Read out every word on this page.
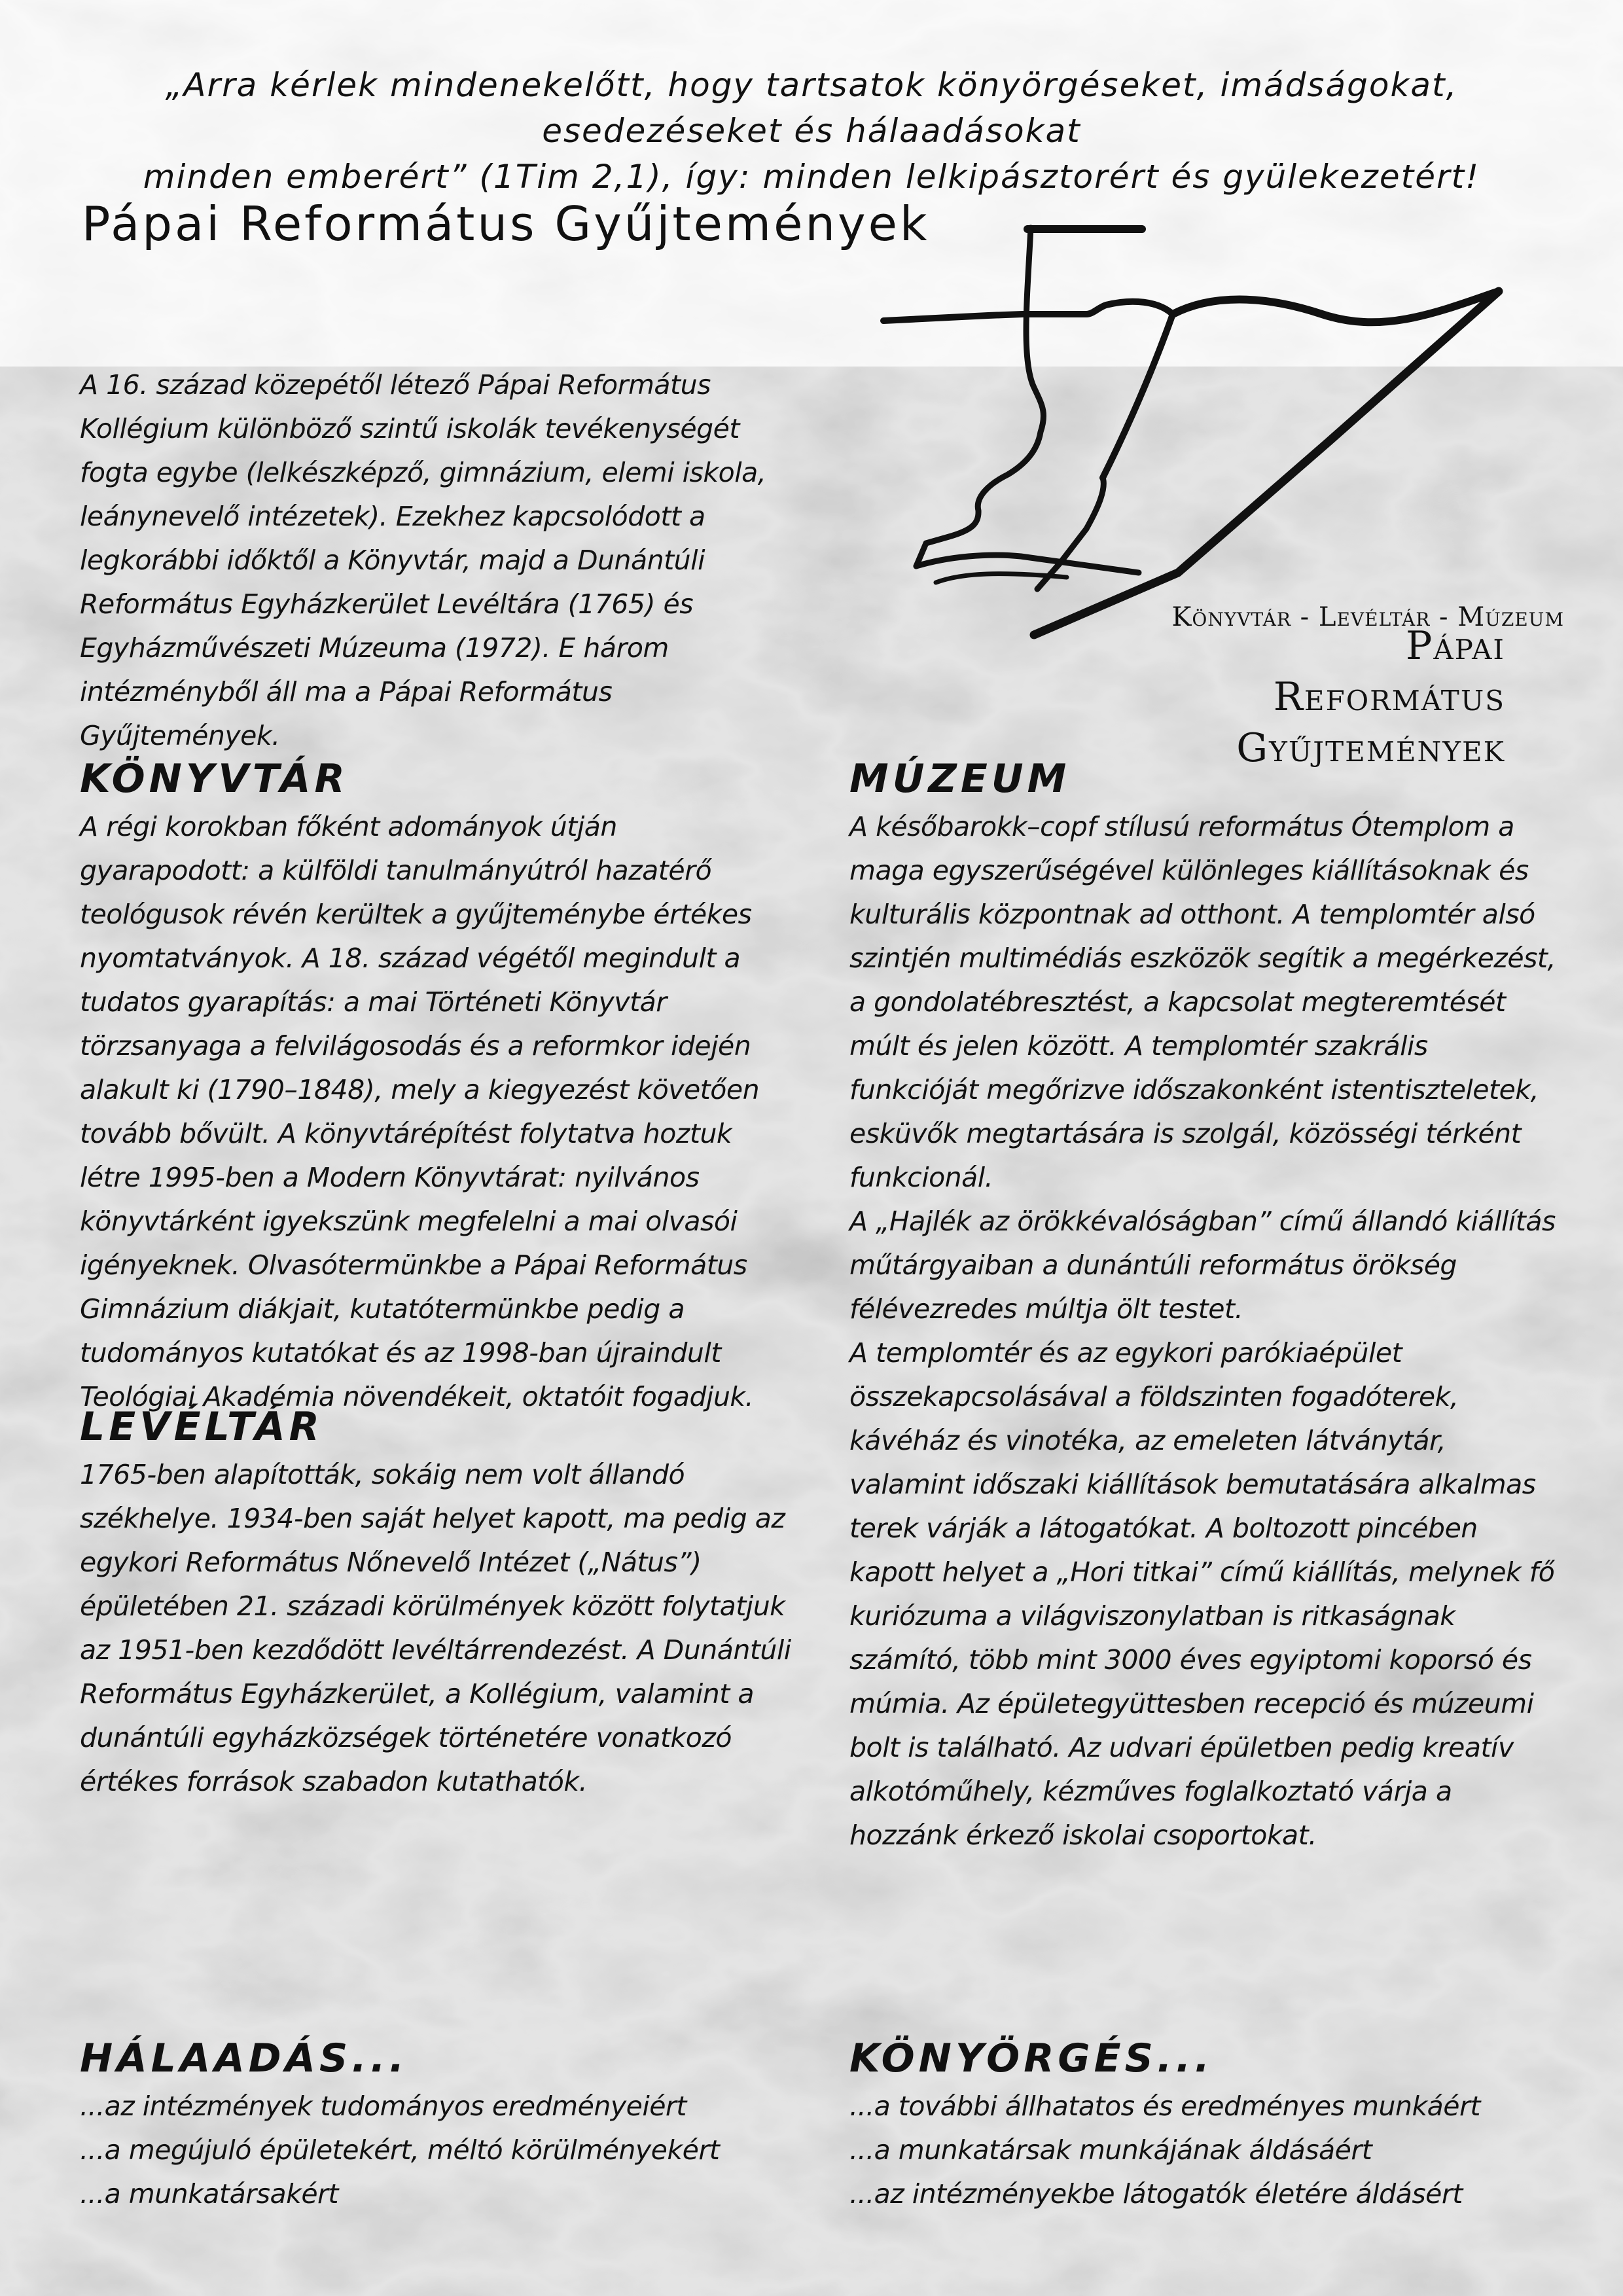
„Arra kérlek mindenekelőtt, hogy tartsatok könyörgéseket, imádságokat, esedezéseket és hálaadásokat
minden emberért” (1Tim 2,1), így: minden lelkipásztorért és gyülekezetért!
Pápai Református Gyűjtemények
Pápai
Református
Gyűjtemények
Könyvtár - Levéltár - Múzeum
A 16. század közepétől létező Pápai Református Kollégium különböző szintű iskolák tevékenységét fogta egybe (lelkészképző, gimnázium, elemi iskola, leánynevelő intézetek). Ezekhez kapcsolódott a legkorábbi időktől a Könyvtár, majd a Dunántúli Református Egyházkerület Levéltára (1765) és Egyházművészeti Múzeuma (1972). E három intézményből áll ma a Pápai Református Gyűjtemények.
KÖNYVTÁR

A régi korokban főként adományok útján gyarapodott: a külföldi tanulmányútról hazatérő teológusok révén kerültek a gyűjteménybe értékes nyomtatványok. A 18. század végétől megindult a tudatos gyarapítás: a mai Történeti Könyvtár törzsanyaga a felvilágosodás és a reformkor idején alakult ki (1790–1848), mely a kiegyezést követően tovább bővült. A könyvtárépítést folytatva hoztuk létre 1995-ben a Modern Könyvtárat: nyilvános könyvtárként igyekszünk megfelelni a mai olvasói igényeknek. Olvasótermünkbe a Pápai Református Gimnázium diákjait, kutatótermünkbe pedig a tudományos kutatókat és az 1998-ban újraindult Teológiai Akadémia növendékeit, oktatóit fogadjuk.

LEVÉLTÁR

1765-ben alapították, sokáig nem volt állandó székhelye. 1934-ben saját helyet kapott, ma pedig az egykori Református Nőnevelő Intézet („Nátus”) épületében 21. századi körülmények között folytatjuk az 1951-ben kezdődött levéltárrendezést. A Dunántúli Református Egyházkerület, a Kollégium, valamint a dunántúli egyházközségek történetére vonatkozó értékes források szabadon kutathatók.

MÚZEUM

A későbarokk–copf stílusú református Ótemplom a maga egyszerűségével különleges kiállításoknak és kulturális központnak ad otthont. A templomtér alsó szintjén multimédiás eszközök segítik a megérkezést, a gondolatébresztést, a kapcsolat megteremtését múlt és jelen között. A templomtér szakrális funkcióját megőrizve időszakonként istentiszteletek, esküvők megtartására is szolgál, közösségi térként funkcionál.

A „Hajlék az örökkévalóságban” című állandó kiállítás műtárgyaiban a dunántúli református örökség félévezredes múltja ölt testet.

A templomtér és az egykori parókiaépület összekapcsolásával a földszinten fogadóterek, kávéház és vinotéka, az emeleten látványtár, valamint időszaki kiállítások bemutatására alkalmas terek várják a látogatókat. A boltozott pincében kapott helyet a „Hori titkai” című kiállítás, melynek fő kuriózuma a világviszonylatban is ritkaságnak számító, több mint 3000 éves egyiptomi koporsó és múmia. Az épületegyüttesben recepció és múzeumi bolt is található. Az udvari épületben pedig kreatív alkotóműhely, kézműves foglalkoztató várja a hozzánk érkező iskolai csoportokat.

HÁLAADÁS...
...az intézmények tudományos eredményeiért
...a megújuló épületekért, méltó körülményekért
...a munkatársakért
KÖNYÖRGÉS...
...a további állhatatos és eredményes munkáért
...a munkatársak munkájának áldásáért
...az intézményekbe látogatók életére áldásért
